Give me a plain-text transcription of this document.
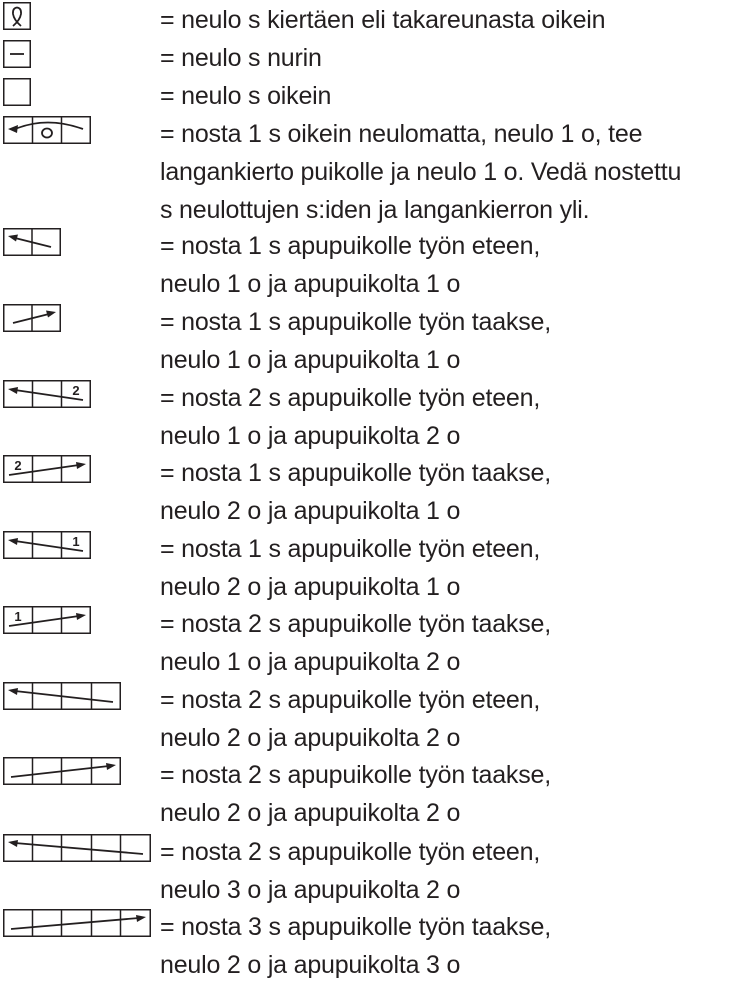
= neulo s kiertäen eli takareunasta oikein
= neulo s nurin
= neulo s oikein
= nosta 1 s oikein neulomatta, neulo 1 o, tee
langankierto puikolle ja neulo 1 o. Vedä nostettu
s neulottujen s:iden ja langankierron yli.
= nosta 1 s apupuikolle työn eteen,
neulo 1 o ja apupuikolta 1 o
= nosta 1 s apupuikolle työn taakse,
neulo 1 o ja apupuikolta 1 o
2	= nosta 2 s apupuikolle työn eteen,
neulo 1 o ja apupuikolta 2 o
2	= nosta 1 s apupuikolle työn taakse,
neulo 2 o ja apupuikolta 1 o
1	= nosta 1 s apupuikolle työn eteen,
neulo 2 o ja apupuikolta 1 o
1	= nosta 2 s apupuikolle työn taakse,
neulo 1 o ja apupuikolta 2 o
= nosta 2 s apupuikolle työn eteen,
neulo 2 o ja apupuikolta 2 o
= nosta 2 s apupuikolle työn taakse,
neulo 2 o ja apupuikolta 2 o
= nosta 2 s apupuikolle työn eteen,
neulo 3 o ja apupuikolta 2 o
= nosta 3 s apupuikolle työn taakse,
neulo 2 o ja apupuikolta 3 o
